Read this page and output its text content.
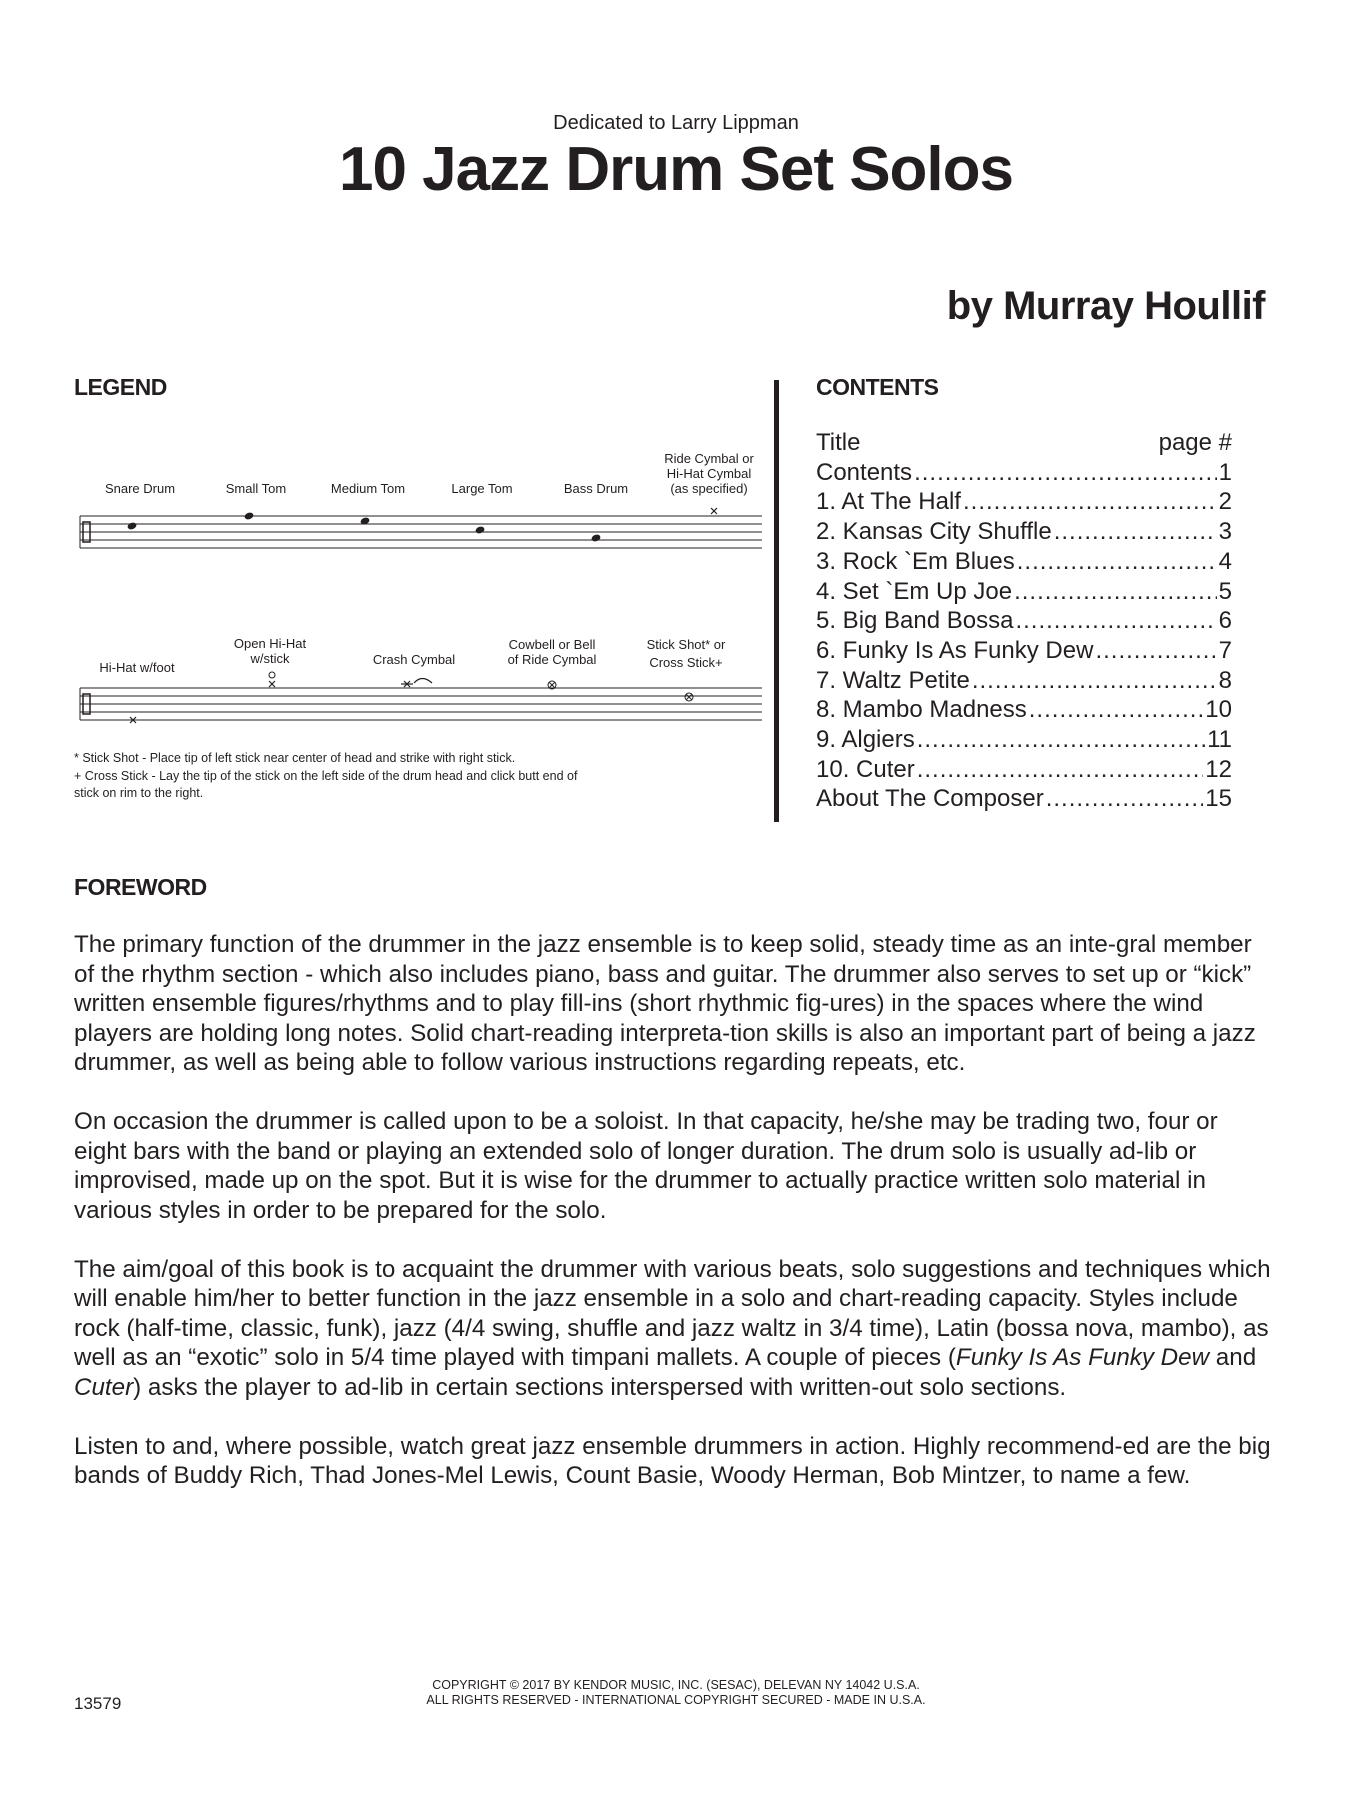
Dedicated to Larry Lippman
10 Jazz Drum Set Solos
by Murray Houllif
LEGEND
Snare Drum	Small Tom	Medium Tom	Large Tom	Bass Drum
Ride Cymbal or
Hi-Hat Cymbal
(as specified)
Hi-Hat w/foot
Open Hi-Hat
w/stick	Crash Cymbal
Cowbell or Bell
of Ride Cymbal
Stick Shot* or
Cross Stick+
* Stick Shot - Place tip of left stick near center of head and strike with right stick.
+ Cross Stick - Lay the tip of the stick on the left side of the drum head and click butt end of stick on rim to the right.
CONTENTS
Title	page #
Contents .....	1
1. At The Half .....	2
2. Kansas City Shuffle .....	3
3. Rock `Em Blues .....	4
4. Set `Em Up Joe .....	5
5. Big Band Bossa .....	6
6. Funky Is As Funky Dew .....	7
7. Waltz Petite .....	8
8. Mambo Madness .....	10
9. Algiers .....	11
10. Cuter .....	12
About The Composer .....	15
FOREWORD

The primary function of the drummer in the jazz ensemble is to keep solid, steady time as an inte-gral member of the rhythm section - which also includes piano, bass and guitar. The drummer also serves to set up or “kick” written ensemble figures/rhythms and to play fill-ins (short rhythmic fig-ures) in the spaces where the wind players are holding long notes. Solid chart-reading interpreta-tion skills is also an important part of being a jazz drummer, as well as being able to follow various instructions regarding repeats, etc.

On occasion the drummer is called upon to be a soloist. In that capacity, he/she may be trading two, four or eight bars with the band or playing an extended solo of longer duration. The drum solo is usually ad-lib or improvised, made up on the spot. But it is wise for the drummer to actually practice written solo material in various styles in order to be prepared for the solo.

The aim/goal of this book is to acquaint the drummer with various beats, solo suggestions and techniques which will enable him/her to better function in the jazz ensemble in a solo and chart-reading capacity. Styles include rock (half-time, classic, funk), jazz (4/4 swing, shuffle and jazz waltz in 3/4 time), Latin (bossa nova, mambo), as well as an “exotic” solo in 5/4 time played with timpani mallets. A couple of pieces (Funky Is As Funky Dew and Cuter) asks the player to ad-lib in certain sections interspersed with written-out solo sections.

Listen to and, where possible, watch great jazz ensemble drummers in action. Highly recommend-ed are the big bands of Buddy Rich, Thad Jones-Mel Lewis, Count Basie, Woody Herman, Bob Mintzer, to name a few.

COPYRIGHT © 2017 BY KENDOR MUSIC, INC. (SESAC), DELEVAN NY 14042 U.S.A.
ALL RIGHTS RESERVED - INTERNATIONAL COPYRIGHT SECURED - MADE IN U.S.A.
13579
